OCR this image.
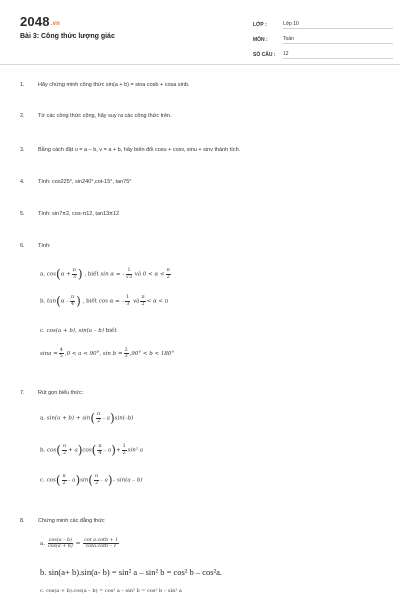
2048.vn
Bài 3: Công thức lượng giác
LỚP :	Lớp 10
MÔN :	Toán
SỐ CÂU :	12
1. Hãy chứng minh công thức sin(a + b) = sina cosb + cosa sinb.
2. Từ các công thức cộng, hãy suy ra các công thức trên.
3. Bằng cách đặt u = a – b, v = a + b, hãy biến đổi cosu + cosv, sinu + sinv thành tích.
4. Tính: cos225°, sin240°,cot-15°, tan75°
5. Tính: sin7π2, cos-π12, tan13π12
6. Tính:
a. $\cos(\alpha + \frac{\pi}{3}$ ) , biết sin α = – $\frac{1}{√3}$ và $0 < \alpha < \frac{\pi}{2}$
b. $\tan(\alpha - \frac{\pi}{4}$ ) , biết cos α = – $\frac{1}{3}$ và $\frac{\pi}{2} < \alpha < \pi$
c. cos(a + b), sin(a – b) biết
$\sin a = \frac{4}{5} ,0 < a < 90^\circ$, $\sin b = \frac{2}{3} ,90^\circ < b < 180^\circ$
7. Rút gọn biểu thức:
a. $\sin(a + b) + \sin( \frac{\pi}{2} - a)\sin(-b)$
b. $\cos( \frac{\pi}{2} + a)\cos( \frac{\pi}{4} - a)+ \frac{1}{2} \sin^2$ a
c. $\cos( \frac{\pi}{2} - a)\sin( \frac{\pi}{2} - a)-$ sin(a – b)
8. Chứng minh các đẳng thức
a. $\frac{\cos(a - b)}{\cos(a + b)} = \frac{\text{cot a.cotb + 1}}{\cot a.\cot b - 1}$
b. sin(a+ b).sin(a- b) = sin² a – sin² b = cos² b – cos²a.
c. cos(a + b).cos(a – b) = cos² a – sin² b = cos² b – sin² a
